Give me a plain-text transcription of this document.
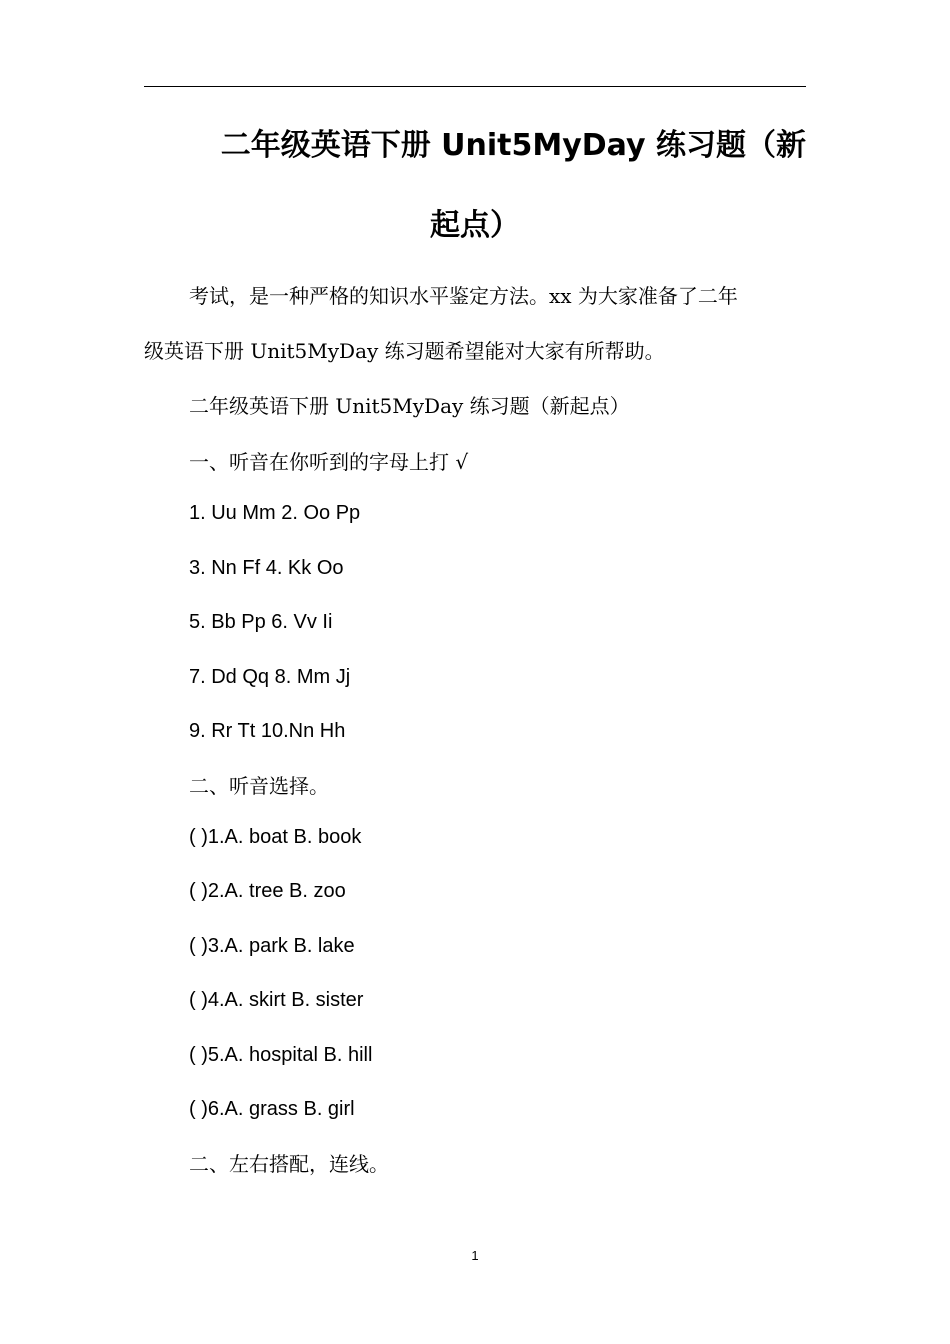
二年级英语下册 Unit5MyDay 练习题（新
起点）
考试，是一种严格的知识水平鉴定方法。xx 为大家准备了二年
级英语下册 Unit5MyDay 练习题希望能对大家有所帮助。
二年级英语下册 Unit5MyDay 练习题（新起点）
一、听音在你听到的字母上打 √
1. Uu Mm 2. Oo Pp
3. Nn Ff 4. Kk Oo
5. Bb Pp 6. Vv Ii
7. Dd Qq 8. Mm Jj
9. Rr Tt 10.Nn Hh
二、听音选择。
( )1.A. boat B. book
( )2.A. tree B. zoo
( )3.A. park B. lake
( )4.A. skirt B. sister
( )5.A. hospital B. hill
( )6.A. grass B. girl
二、左右搭配，连线。
1
